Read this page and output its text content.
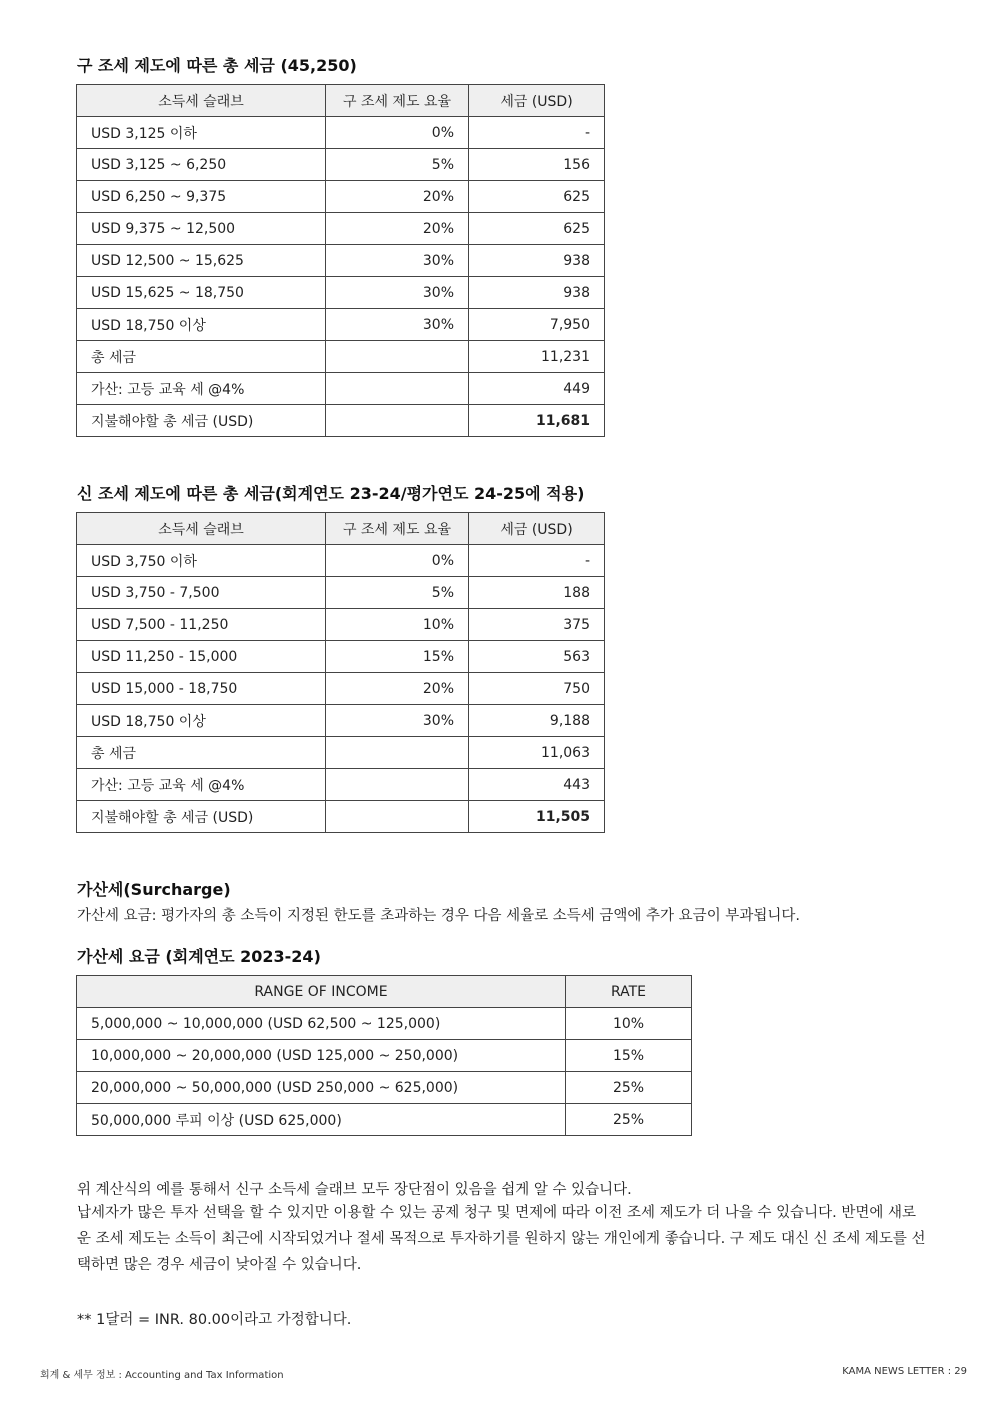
구 조세 제도에 따른 총 세금 (45,250)
소득세 슬래브	구 조세 제도 요율	세금 (USD)
USD 3,125 이하	0%	-
USD 3,125 ~ 6,250	5%	156
USD 6,250 ~ 9,375	20%	625
USD 9,375 ~ 12,500	20%	625
USD 12,500 ~ 15,625	30%	938
USD 15,625 ~ 18,750	30%	938
USD 18,750 이상	30%	7,950
총 세금		11,231
가산: 고등 교육 세 @4%		449
지불해야할 총 세금 (USD)		11,681
신 조세 제도에 따른 총 세금(회계연도 23-24/평가연도 24-25에 적용)
소득세 슬래브	구 조세 제도 요율	세금 (USD)
USD 3,750 이하	0%	-
USD 3,750 - 7,500	5%	188
USD 7,500 - 11,250	10%	375
USD 11,250 - 15,000	15%	563
USD 15,000 - 18,750	20%	750
USD 18,750 이상	30%	9,188
총 세금		11,063
가산: 고등 교육 세 @4%		443
지불해야할 총 세금 (USD)		11,505
가산세(Surcharge)

가산세 요금: 평가자의 총 소득이 지정된 한도를 초과하는 경우 다음 세율로 소득세 금액에 추가 요금이 부과됩니다.

가산세 요금 (회계연도 2023-24)
RANGE OF INCOME	RATE
5,000,000 ~ 10,000,000 (USD 62,500 ~ 125,000)	10%
10,000,000 ~ 20,000,000 (USD 125,000 ~ 250,000)	15%
20,000,000 ~ 50,000,000 (USD 250,000 ~ 625,000)	25%
50,000,000 루피 이상 (USD 625,000)	25%

위 계산식의 예를 통해서 신구 소득세 슬래브 모두 장단점이 있음을 쉽게 알 수 있습니다.

납세자가 많은 투자 선택을 할 수 있지만 이용할 수 있는 공제 청구 및 면제에 따라 이전 조세 제도가 더 나을 수 있습니다. 반면에 새로운 조세 제도는 소득이 최근에 시작되었거나 절세 목적으로 투자하기를 원하지 않는 개인에게 좋습니다. 구 제도 대신 신 조세 제도를 선택하면 많은 경우 세금이 낮아질 수 있습니다.

** 1달러 = INR. 80.00이라고 가정합니다.

회계 & 세무 정보 : Accounting and Tax Information	KAMA NEWS LETTER : 29
